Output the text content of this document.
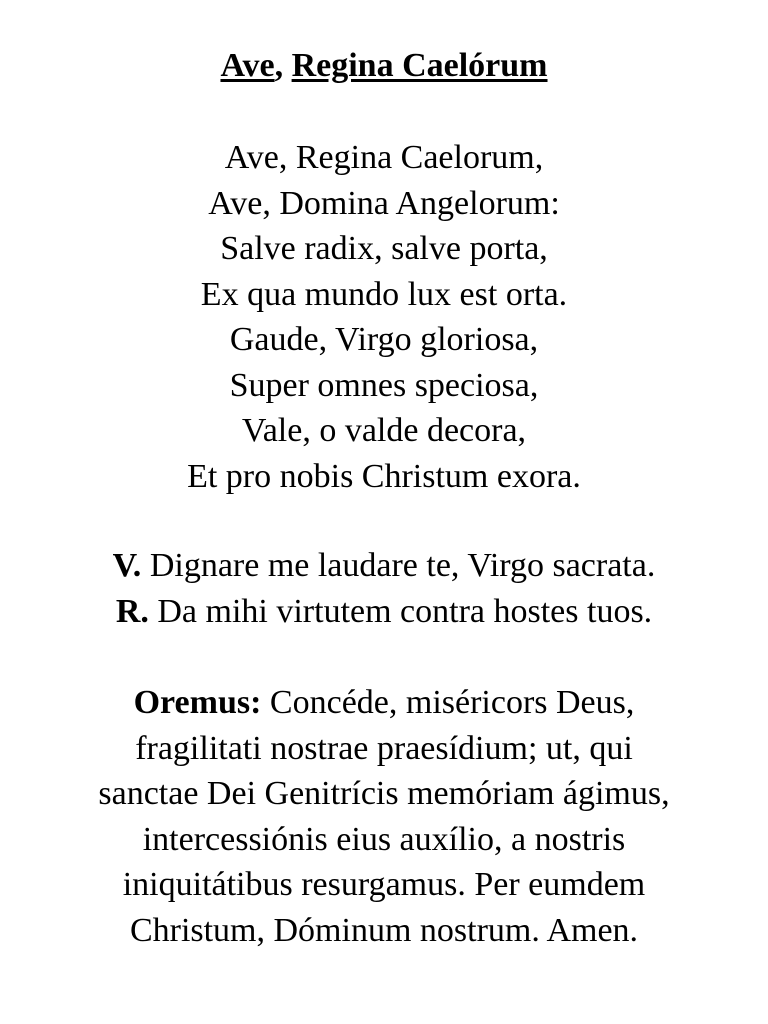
Ave, Regina Caelórum
Ave, Regina Caelorum,
Ave, Domina Angelorum:
Salve radix, salve porta,
Ex qua mundo lux est orta.
Gaude, Virgo gloriosa,
Super omnes speciosa,
Vale, o valde decora,
Et pro nobis Christum exora.
V. Dignare me laudare te, Virgo sacrata.
R. Da mihi virtutem contra hostes tuos.
Oremus: Concéde, miséricors Deus,
fragilitati nostrae praesídium; ut, qui
sanctae Dei Genitrícis memóriam ágimus,
intercessiónis eius auxílio, a nostris
iniquitátibus resurgamus. Per eumdem
Christum, Dóminum nostrum. Amen.
